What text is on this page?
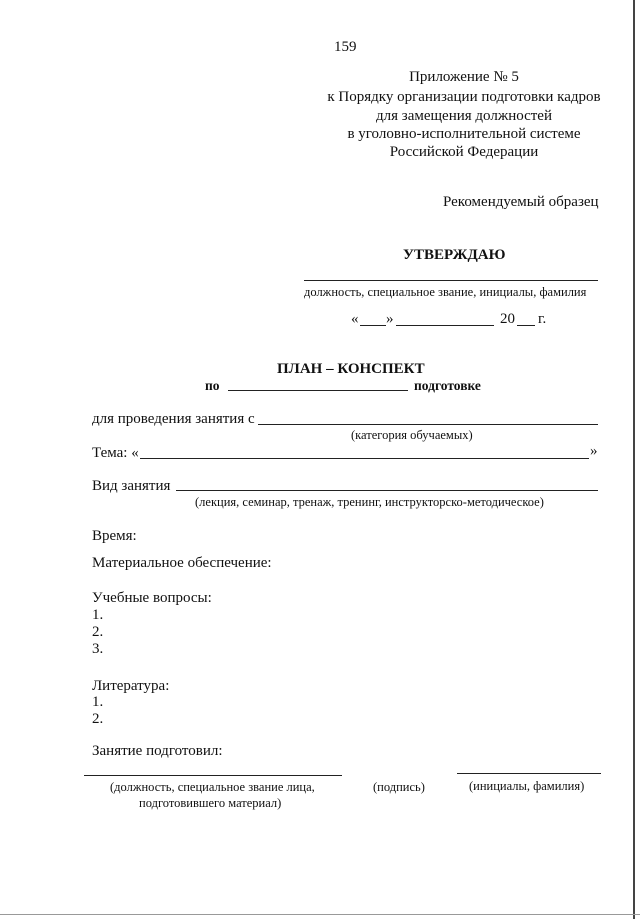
159
Приложение № 5
к Порядку организации подготовки кадров
для замещения должностей
в уголовно-исполнительной системе
Российской Федерации
Рекомендуемый образец
УТВЕРЖДАЮ
должность, специальное звание, инициалы, фамилия
« »	20 г.
ПЛАН – КОНСПЕКТ
по	подготовке
для проведения занятия с
(категория обучаемых)
Тема: «	»
Вид занятия
(лекция, семинар, тренаж, тренинг, инструкторско-методическое)
Время:
Материальное обеспечение:
Учебные вопросы:
1.
2.
3.
Литература:
1.
2.
Занятие подготовил:
(должность, специальное звание лица,
подготовившего материал)
(подпись)	(инициалы, фамилия)
